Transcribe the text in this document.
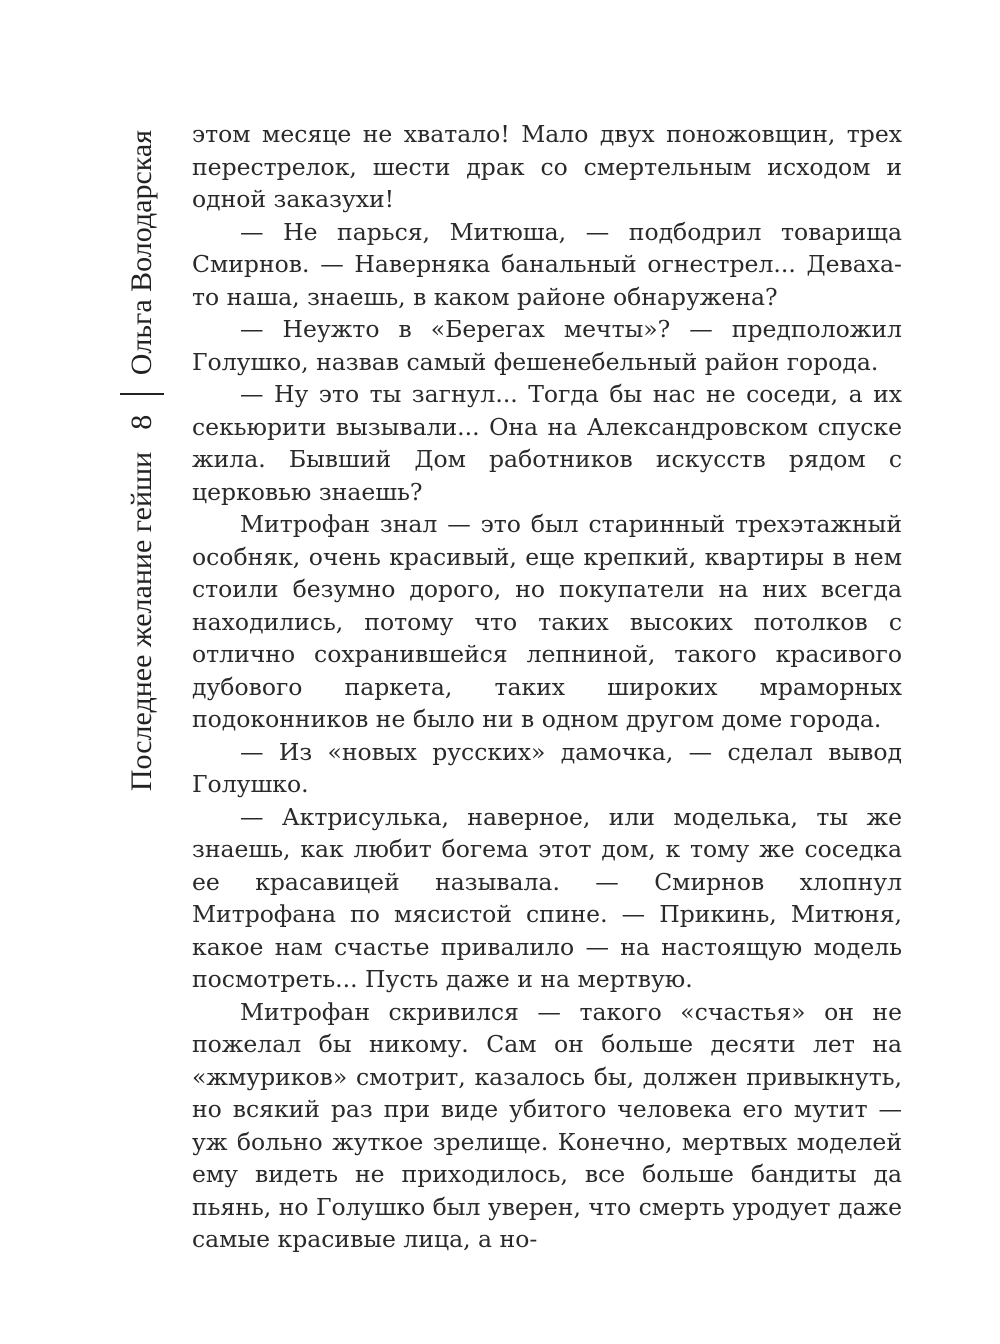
Ольга Володарская
8
Последнее желание гейши

этом месяце не хватало! Мало двух поножовщин, трех перестрелок, шести драк со смертельным исходом и одной заказухи!

— Не парься, Митюша, — подбодрил товарища Смирнов. — Наверняка банальный огнестрел... Деваха-то наша, знаешь, в каком районе обнаружена?

— Неужто в «Берегах мечты»? — предположил Голушко, назвав самый фешенебельный район города.

— Ну это ты загнул... Тогда бы нас не соседи, а их секьюрити вызывали... Она на Александровском спуске жила. Бывший Дом работников искусств рядом с церковью знаешь?

Митрофан знал — это был старинный трехэтажный особняк, очень красивый, еще крепкий, квартиры в нем стоили безумно дорого, но покупатели на них всегда находились, потому что таких высоких потолков с отлично сохранившейся лепниной, такого красивого дубового паркета, таких широких мраморных подоконников не было ни в одном другом доме города.

— Из «новых русских» дамочка, — сделал вывод Голушко.

— Актрисулька, наверное, или моделька, ты же знаешь, как любит богема этот дом, к тому же соседка ее красавицей называла. — Смирнов хлопнул Митрофана по мясистой спине. — Прикинь, Митюня, какое нам счастье привалило — на настоящую модель посмотреть... Пусть даже и на мертвую.

Митрофан скривился — такого «счастья» он не пожелал бы никому. Сам он больше десяти лет на «жмуриков» смотрит, казалось бы, должен привыкнуть, но всякий раз при виде убитого человека его мутит — уж больно жуткое зрелище. Конечно, мертвых моделей ему видеть не приходилось, все больше бандиты да пьянь, но Голушко был уверен, что смерть уродует даже самые красивые лица, а но-
